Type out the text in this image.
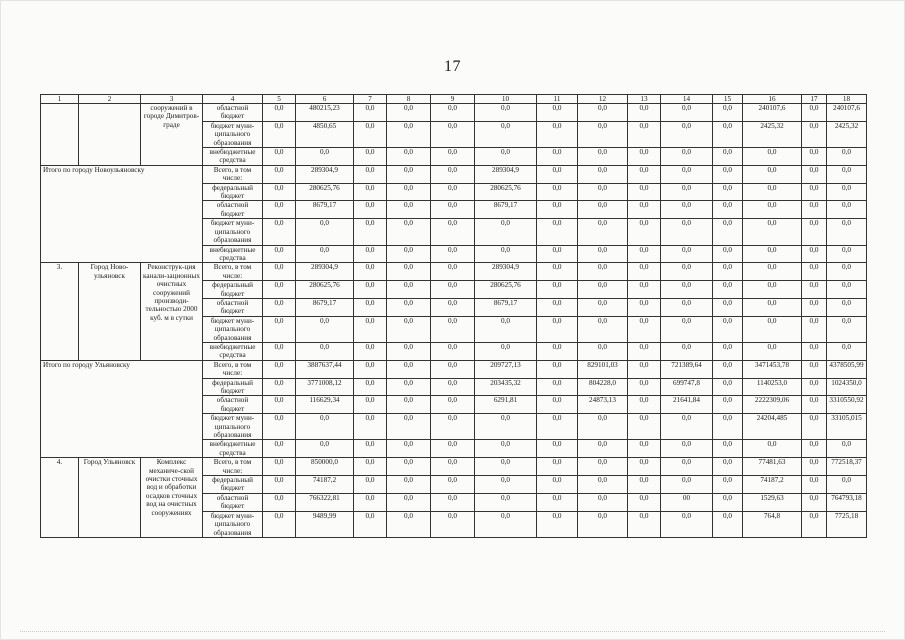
17
1	2	3	4	5	6	7	8	9	10	11	12	13	14	15	16	17	18
		сооружений в городе Димитров-граде	областной бюджет	0,0	480215,23	0,0	0,0	0,0	0,0	0,0	0,0	0,0	0,0	0,0	240107,6	0,0	240107,6
			бюджет муни-ципального образования	0,0	4850,65	0,0	0,0	0,0	0,0	0,0	0,0	0,0	0,0	0,0	2425,32	0,0	2425,32
			внебюджетные средства	0,0	0,0	0,0	0,0	0,0	0,0	0,0	0,0	0,0	0,0	0,0	0,0	0,0	0,0
Итого по городу Новоульяновску			Всего, в том числе:	0,0	289304,9	0,0	0,0	0,0	289304,9	0,0	0,0	0,0	0,0	0,0	0,0	0,0	0,0
			федеральный бюджет	0,0	280625,76	0,0	0,0	0,0	280625,76	0,0	0,0	0,0	0,0	0,0	0,0	0,0	0,0
			областной бюджет	0,0	8679,17	0,0	0,0	0,0	8679,17	0,0	0,0	0,0	0,0	0,0	0,0	0,0	0,0
			бюджет муни-ципального образования	0,0	0,0	0,0	0,0	0,0	0,0	0,0	0,0	0,0	0,0	0,0	0,0	0,0	0,0
			внебюджетные средства	0,0	0,0	0,0	0,0	0,0	0,0	0,0	0,0	0,0	0,0	0,0	0,0	0,0	0,0
3.	Город Ново-ульяновск	Реконструк-ция канали-зационных очистных сооружений производи-тельностью 2000 куб. м в сутки	Всего, в том числе:	0,0	289304,9	0,0	0,0	0,0	289304,9	0,0	0,0	0,0	0,0	0,0	0,0	0,0	0,0
			федеральный бюджет	0,0	280625,76	0,0	0,0	0,0	280625,76	0,0	0,0	0,0	0,0	0,0	0,0	0,0	0,0
			областной бюджет	0,0	8679,17	0,0	0,0	0,0	8679,17	0,0	0,0	0,0	0,0	0,0	0,0	0,0	0,0
			бюджет муни-ципального образования	0,0	0,0	0,0	0,0	0,0	0,0	0,0	0,0	0,0	0,0	0,0	0,0	0,0	0,0
			внебюджетные средства	0,0	0,0	0,0	0,0	0,0	0,0	0,0	0,0	0,0	0,0	0,0	0,0	0,0	0,0
Итого по городу Ульяновску			Всего, в том числе:	0,0	3887637,44	0,0	0,0	0,0	209727,13	0,0	829101,03	0,0	721389,64	0,0	3471453,78	0,0	4378505,99
			федеральный бюджет	0,0	3771008,12	0,0	0,0	0,0	203435,32	0,0	804228,0	0,0	699747,8	0,0	1140253,0	0,0	1024350,0
			областной бюджет	0,0	116629,34	0,0	0,0	0,0	6291,81	0,0	24873,13	0,0	21641,84	0,0	2222309,06	0,0	3310550,92
			бюджет муни-ципального образования	0,0	0,0	0,0	0,0	0,0	0,0	0,0	0,0	0,0	0,0	0,0	24204,485	0,0	33105,015
			внебюджетные средства	0,0	0,0	0,0	0,0	0,0	0,0	0,0	0,0	0,0	0,0	0,0	0,0	0,0	0,0
4.	Город Ульяновск	Комплекс механиче-ской очистки сточных вод и обработки осадков сточных вод на очистных сооружениях	Всего, в том числе:	0,0	850000,0	0,0	0,0	0,0	0,0	0,0	0,0	0,0	0,0	0,0	77481,63	0,0	772518,37
			федеральный бюджет	0,0	74187,2	0,0	0,0	0,0	0,0	0,0	0,0	0,0	0,0	0,0	74187,2	0,0	0,0
			областной бюджет	0,0	766322,81	0,0	0,0	0,0	0,0	0,0	0,0	0,0	00	0,0	1529,63	0,0	764793,18
			бюджет муни-ципального образования	0,0	9489,99	0,0	0,0	0,0	0,0	0,0	0,0	0,0	0,0	0,0	764,8	0,0	7725,18
